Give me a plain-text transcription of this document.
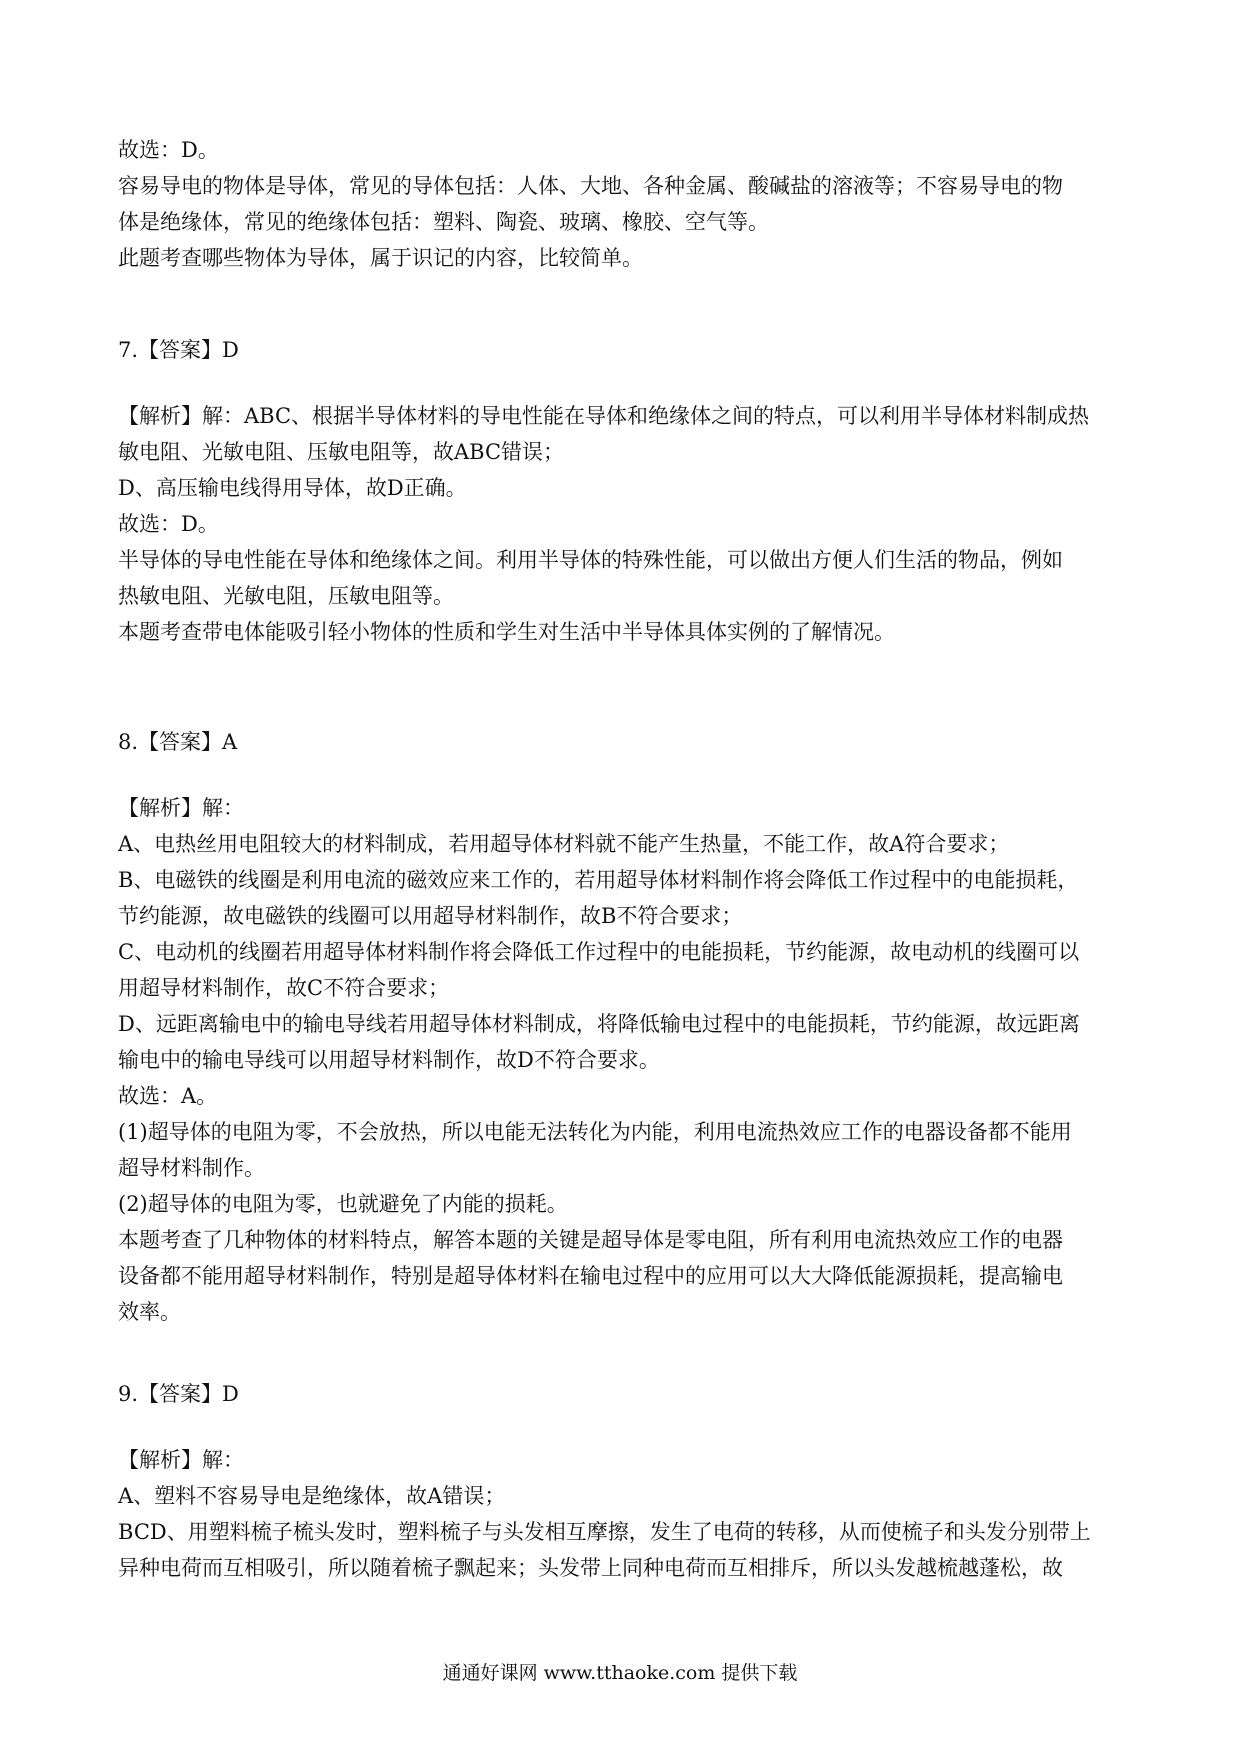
故选：D。
容易导电的物体是导体，常见的导体包括：人体、大地、各种金属、酸碱盐的溶液等；不容易导电的物
体是绝缘体，常见的绝缘体包括：塑料、陶瓷、玻璃、橡胶、空气等。
此题考查哪些物体为导体，属于识记的内容，比较简单。
7.【答案】D
【解析】解：ABC、根据半导体材料的导电性能在导体和绝缘体之间的特点，可以利用半导体材料制成热
敏电阻、光敏电阻、压敏电阻等，故ABC错误；
D、高压输电线得用导体，故D正确。
故选：D。
半导体的导电性能在导体和绝缘体之间。利用半导体的特殊性能，可以做出方便人们生活的物品，例如
热敏电阻、光敏电阻，压敏电阻等。
本题考查带电体能吸引轻小物体的性质和学生对生活中半导体具体实例的了解情况。
8.【答案】A
【解析】解：
A、电热丝用电阻较大的材料制成，若用超导体材料就不能产生热量，不能工作，故A符合要求；
B、电磁铁的线圈是利用电流的磁效应来工作的，若用超导体材料制作将会降低工作过程中的电能损耗，
节约能源，故电磁铁的线圈可以用超导材料制作，故B不符合要求；
C、电动机的线圈若用超导体材料制作将会降低工作过程中的电能损耗，节约能源，故电动机的线圈可以
用超导材料制作，故C不符合要求；
D、远距离输电中的输电导线若用超导体材料制成，将降低输电过程中的电能损耗，节约能源，故远距离
输电中的输电导线可以用超导材料制作，故D不符合要求。
故选：A。
(1)超导体的电阻为零，不会放热，所以电能无法转化为内能，利用电流热效应工作的电器设备都不能用
超导材料制作。
(2)超导体的电阻为零，也就避免了内能的损耗。
本题考查了几种物体的材料特点，解答本题的关键是超导体是零电阻，所有利用电流热效应工作的电器
设备都不能用超导材料制作，特别是超导体材料在输电过程中的应用可以大大降低能源损耗，提高输电
效率。
9.【答案】D
【解析】解：
A、塑料不容易导电是绝缘体，故A错误；
BCD、用塑料梳子梳头发时，塑料梳子与头发相互摩擦，发生了电荷的转移，从而使梳子和头发分别带上
异种电荷而互相吸引，所以随着梳子飘起来；头发带上同种电荷而互相排斥，所以头发越梳越蓬松，故
通通好课网 www.tthaoke.com 提供下载
